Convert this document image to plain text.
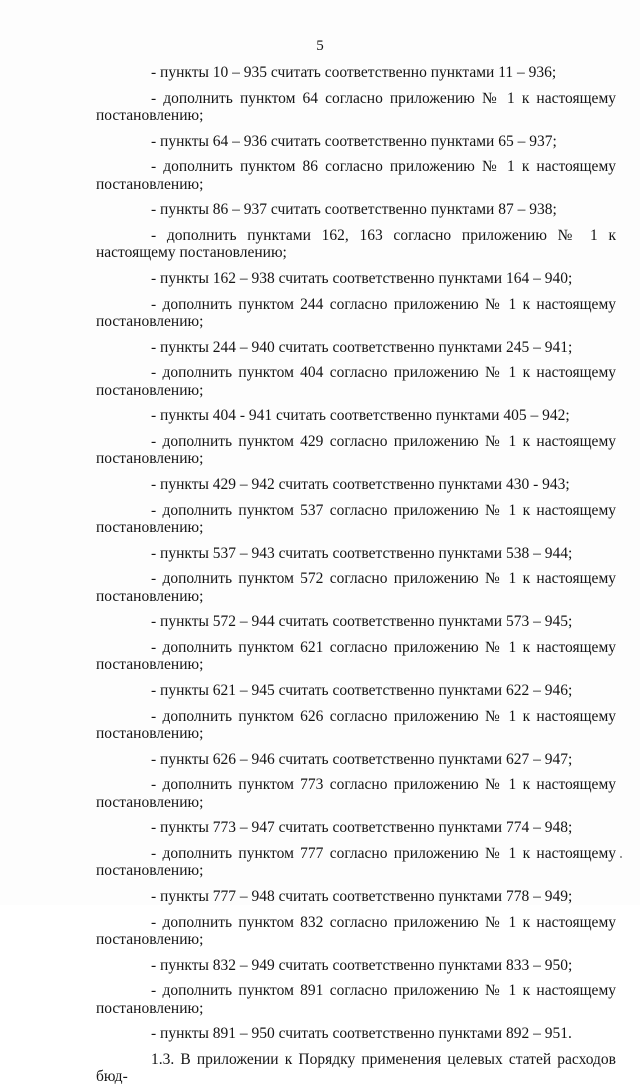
5

- пункты 10 – 935 считать соответственно пунктами 11 – 936;

- дополнить пунктом 64 согласно приложению № 1 к настоящему постановлению;

- пункты 64 – 936 считать соответственно пунктами 65 – 937;

- дополнить пунктом 86 согласно приложению № 1 к настоящему постановлению;

- пункты 86 – 937 считать соответственно пунктами 87 – 938;

- дополнить пунктами 162, 163 согласно приложению № 1 к настоящему постановлению;

- пункты 162 – 938 считать соответственно пунктами 164 – 940;

- дополнить пунктом 244 согласно приложению № 1 к настоящему постановлению;

- пункты 244 – 940 считать соответственно пунктами 245 – 941;

- дополнить пунктом 404 согласно приложению № 1 к настоящему постановлению;

- пункты 404 - 941 считать соответственно пунктами 405 – 942;

- дополнить пунктом 429 согласно приложению № 1 к настоящему постановлению;

- пункты 429 – 942 считать соответственно пунктами 430 - 943;

- дополнить пунктом 537 согласно приложению № 1 к настоящему постановлению;

- пункты 537 – 943 считать соответственно пунктами 538 – 944;

- дополнить пунктом 572 согласно приложению № 1 к настоящему постановлению;

- пункты 572 – 944 считать соответственно пунктами 573 – 945;

- дополнить пунктом 621 согласно приложению № 1 к настоящему постановлению;

- пункты 621 – 945 считать соответственно пунктами 622 – 946;

- дополнить пунктом 626 согласно приложению № 1 к настоящему постановлению;

- пункты 626 – 946 считать соответственно пунктами 627 – 947;

- дополнить пунктом 773 согласно приложению № 1 к настоящему постановлению;

- пункты 773 – 947 считать соответственно пунктами 774 – 948;

- дополнить пунктом 777 согласно приложению № 1 к настоящему постановлению;

- пункты 777 – 948 считать соответственно пунктами 778 – 949;

- дополнить пунктом 832 согласно приложению № 1 к настоящему постановлению;

- пункты 832 – 949 считать соответственно пунктами 833 – 950;

- дополнить пунктом 891 согласно приложению № 1 к настоящему постановлению;

- пункты 891 – 950 считать соответственно пунктами 892 – 951.

1.3. В приложении к Порядку применения целевых статей расходов бюд-
